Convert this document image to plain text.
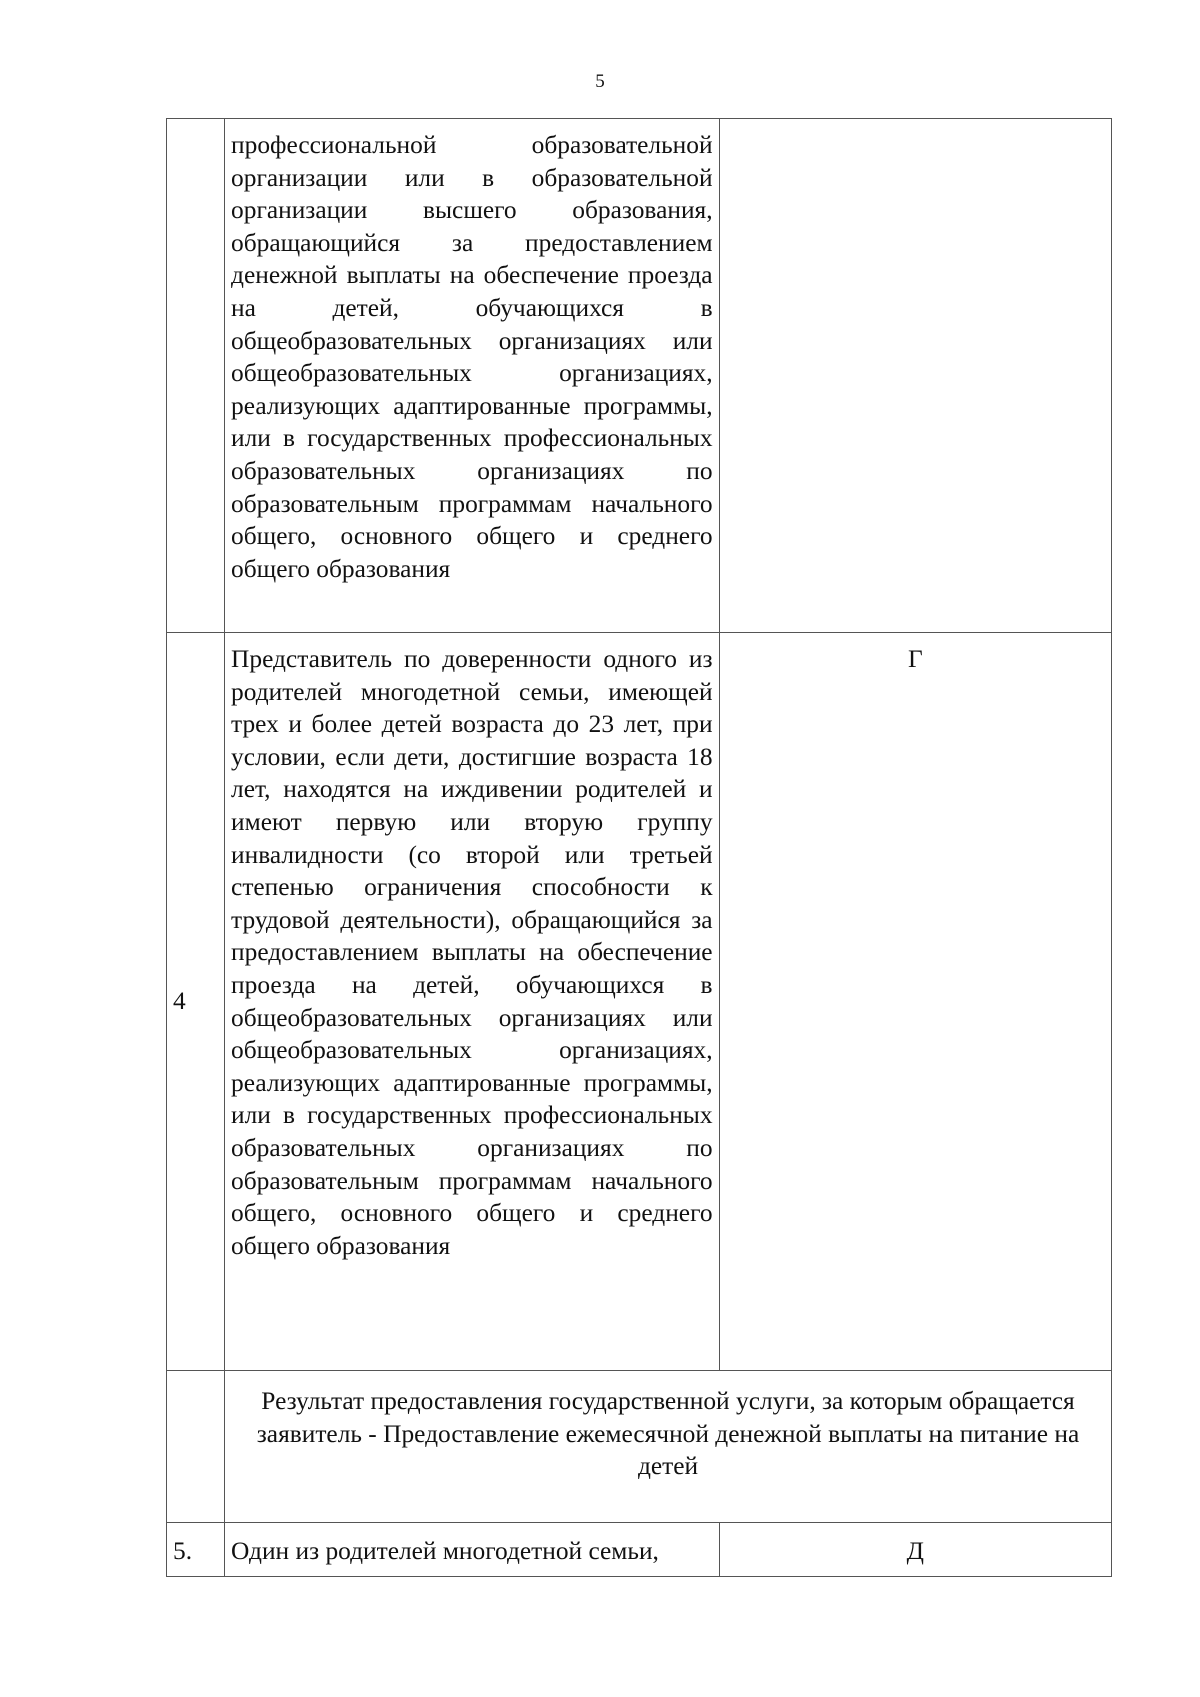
5
	профессиональной образовательной организации или в образовательной организации высшего образования, обращающийся за предоставлением денежной выплаты на обеспечение проезда на детей, обучающихся в общеобразовательных организациях или общеобразовательных организациях, реализующих адаптированные программы, или в государственных профессиональных образовательных организациях по образовательным программам начального общего, основного общего и среднего общего образования	
4	Представитель по доверенности одного из родителей многодетной семьи, имеющей трех и более детей возраста до 23 лет, при условии, если дети, достигшие возраста 18 лет, находятся на иждивении родителей и имеют первую или вторую группу инвалидности (со второй или третьей степенью ограничения способности к трудовой деятельности), обращающийся за предоставлением выплаты на обеспечение проезда на детей, обучающихся в общеобразовательных организациях или общеобразовательных организациях, реализующих адаптированные программы, или в государственных профессиональных образовательных организациях по образовательным программам начального общего, основного общего и среднего общего образования	Г
	Результат предоставления государственной услуги, за которым обращается заявитель - Предоставление ежемесячной денежной выплаты на питание на детей	
5.	Один из родителей многодетной семьи,	Д
